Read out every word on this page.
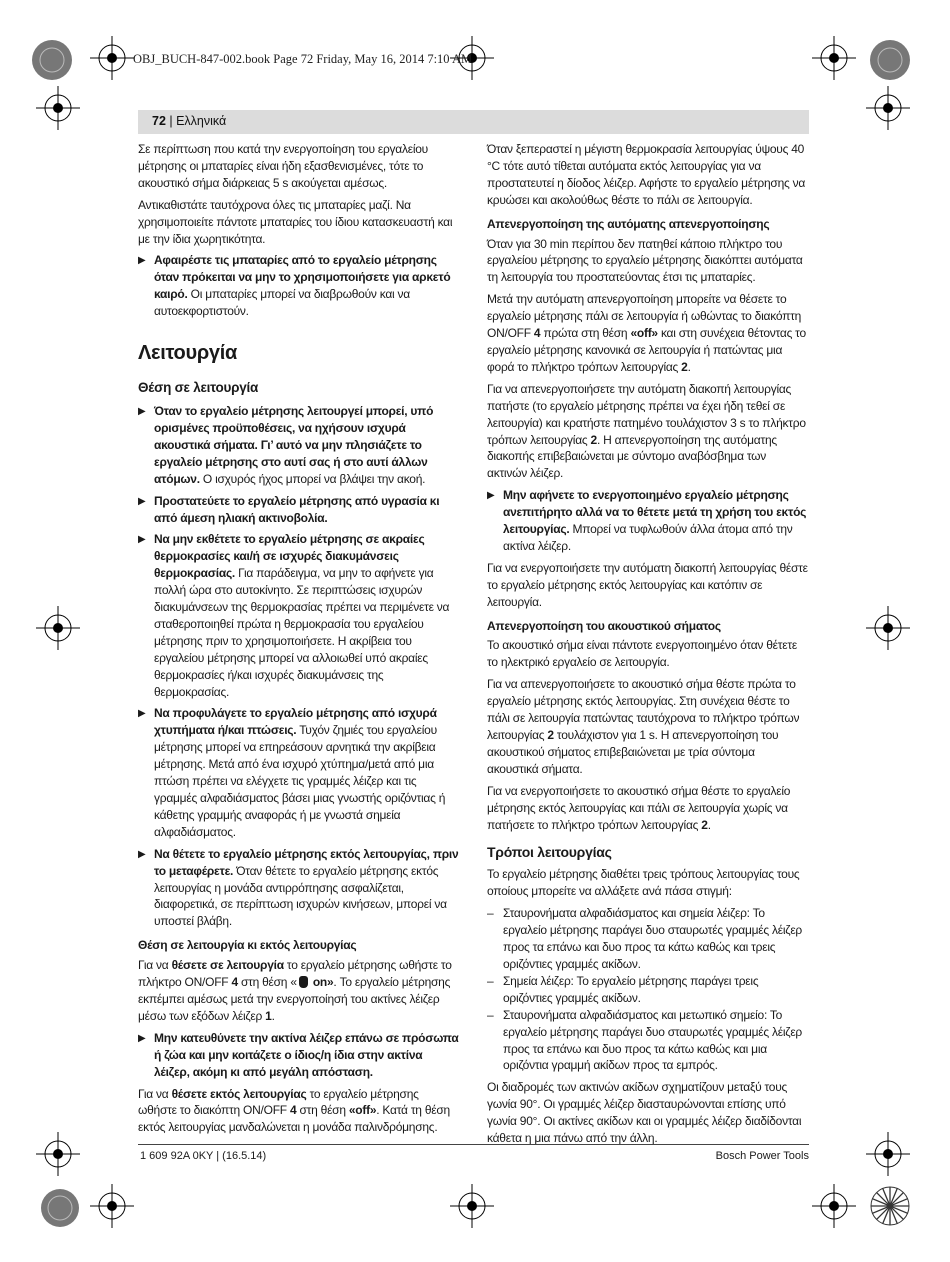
OBJ_BUCH-847-002.book Page 72 Friday, May 16, 2014 7:10 AM
72 | Ελληνικά

Σε περίπτωση που κατά την ενεργοποίηση του εργαλείου μέτρησης οι μπαταρίες είναι ήδη εξασθενισμένες, τότε το ακουστικό σήμα διάρκειας 5 s ακούγεται αμέσως.

Αντικαθιστάτε ταυτόχρονα όλες τις μπαταρίες μαζί. Να χρησιμοποιείτε πάντοτε μπαταρίες του ίδιου κατασκευαστή και με την ίδια χωρητικότητα.

▶ Αφαιρέστε τις μπαταρίες από το εργαλείο μέτρησης όταν πρόκειται να μην το χρησιμοποιήσετε για αρκετό καιρό. Οι μπαταρίες μπορεί να διαβρωθούν και να αυτοεκφορτιστούν.
Λειτουργία
Θέση σε λειτουργία
▶ Όταν το εργαλείο μέτρησης λειτουργεί μπορεί, υπό ορισμένες προϋποθέσεις, να ηχήσουν ισχυρά ακουστικά σήματα. Γι’ αυτό να μην πλησιάζετε το εργαλείο μέτρησης στο αυτί σας ή στο αυτί άλλων ατόμων. Ο ισχυρός ήχος μπορεί να βλάψει την ακοή.
▶ Προστατεύετε το εργαλείο μέτρησης από υγρασία κι από άμεση ηλιακή ακτινοβολία.
▶ Να μην εκθέτετε το εργαλείο μέτρησης σε ακραίες θερμοκρασίες και/ή σε ισχυρές διακυμάνσεις θερμοκρασίας. Για παράδειγμα, να μην το αφήνετε για πολλή ώρα στο αυτοκίνητο. Σε περιπτώσεις ισχυρών διακυμάνσεων της θερμοκρασίας πρέπει να περιμένετε να σταθεροποιηθεί πρώτα η θερμοκρασία του εργαλείου μέτρησης πριν το χρησιμοποιήσετε. Η ακρίβεια του εργαλείου μέτρησης μπορεί να αλλοιωθεί υπό ακραίες θερμοκρασίες ή/και ισχυρές διακυμάνσεις της θερμοκρασίας.
▶ Να προφυλάγετε το εργαλείο μέτρησης από ισχυρά χτυπήματα ή/και πτώσεις. Τυχόν ζημιές του εργαλείου μέτρησης μπορεί να επηρεάσουν αρνητικά την ακρίβεια μέτρησης. Μετά από ένα ισχυρό χτύπημα/μετά από μια πτώση πρέπει να ελέγχετε τις γραμμές λέιζερ και τις γραμμές αλφαδιάσματος βάσει μιας γνωστής οριζόντιας ή κάθετης γραμμής αναφοράς ή με γνωστά σημεία αλφαδιάσματος.
▶ Να θέτετε το εργαλείο μέτρησης εκτός λειτουργίας, πριν το μεταφέρετε. Όταν θέτετε το εργαλείο μέτρησης εκτός λειτουργίας η μονάδα αντιρρόπησης ασφαλίζεται, διαφορετικά, σε περίπτωση ισχυρών κινήσεων, μπορεί να υποστεί βλάβη.
Θέση σε λειτουργία κι εκτός λειτουργίας

Για να θέσετε σε λειτουργία το εργαλείο μέτρησης ωθήστε το πλήκτρο ON/OFF 4 στη θέση « on». Το εργαλείο μέτρησης εκπέμπει αμέσως μετά την ενεργοποίησή του ακτίνες λέιζερ μέσω των εξόδων λέιζερ 1.

▶ Μην κατευθύνετε την ακτίνα λέιζερ επάνω σε πρόσωπα ή ζώα και μην κοιτάζετε ο ίδιος/η ίδια στην ακτίνα λέιζερ, ακόμη κι από μεγάλη απόσταση.

Για να θέσετε εκτός λειτουργίας το εργαλείο μέτρησης ωθήστε το διακόπτη ON/OFF 4 στη θέση «off». Κατά τη θέση εκτός λειτουργίας μανδαλώνεται η μονάδα παλινδρόμησης.

Όταν ξεπεραστεί η μέγιστη θερμοκρασία λειτουργίας ύψους 40 °C τότε αυτό τίθεται αυτόματα εκτός λειτουργίας για να προστατευτεί η δίοδος λέιζερ. Αφήστε το εργαλείο μέτρησης να κρυώσει και ακολούθως θέστε το πάλι σε λειτουργία.

Απενεργοποίηση της αυτόματης απενεργοποίησης

Όταν για 30 min περίπου δεν πατηθεί κάποιο πλήκτρο του εργαλείου μέτρησης το εργαλείο μέτρησης διακόπτει αυτόματα τη λειτουργία του προστατεύοντας έτσι τις μπαταρίες.

Μετά την αυτόματη απενεργοποίηση μπορείτε να θέσετε το εργαλείο μέτρησης πάλι σε λειτουργία ή ωθώντας το διακόπτη ON/OFF 4 πρώτα στη θέση «off» και στη συνέχεια θέτοντας το εργαλείο μέτρησης κανονικά σε λειτουργία ή πατώντας μια φορά το πλήκτρο τρόπων λειτουργίας 2.

Για να απενεργοποιήσετε την αυτόματη διακοπή λειτουργίας πατήστε (το εργαλείο μέτρησης πρέπει να έχει ήδη τεθεί σε λειτουργία) και κρατήστε πατημένο τουλάχιστον 3 s το πλήκτρο τρόπων λειτουργίας 2. Η απενεργοποίηση της αυτόματης διακοπής επιβεβαιώνεται με σύντομο αναβόσβημα των ακτινών λέιζερ.

▶ Μην αφήνετε το ενεργοποιημένο εργαλείο μέτρησης ανεπιτήρητο αλλά να το θέτετε μετά τη χρήση του εκτός λειτουργίας. Μπορεί να τυφλωθούν άλλα άτομα από την ακτίνα λέιζερ.

Για να ενεργοποιήσετε την αυτόματη διακοπή λειτουργίας θέστε το εργαλείο μέτρησης εκτός λειτουργίας και κατόπιν σε λειτουργία.

Απενεργοποίηση του ακουστικού σήματος

Το ακουστικό σήμα είναι πάντοτε ενεργοποιημένο όταν θέτετε το ηλεκτρικό εργαλείο σε λειτουργία.

Για να απενεργοποιήσετε το ακουστικό σήμα θέστε πρώτα το εργαλείο μέτρησης εκτός λειτουργίας. Στη συνέχεια θέστε το πάλι σε λειτουργία πατώντας ταυτόχρονα το πλήκτρο τρόπων λειτουργίας 2 τουλάχιστον για 1 s. Η απενεργοποίηση του ακουστικού σήματος επιβεβαιώνεται με τρία σύντομα ακουστικά σήματα.

Για να ενεργοποιήσετε το ακουστικό σήμα θέστε το εργαλείο μέτρησης εκτός λειτουργίας και πάλι σε λειτουργία χωρίς να πατήσετε το πλήκτρο τρόπων λειτουργίας 2.

Τρόποι λειτουργίας

Το εργαλείο μέτρησης διαθέτει τρεις τρόπους λειτουργίας τους οποίους μπορείτε να αλλάξετε ανά πάσα στιγμή:

– Σταυρονήματα αλφαδιάσματος και σημεία λέιζερ: Το εργαλείο μέτρησης παράγει δυο σταυρωτές γραμμές λέιζερ προς τα επάνω και δυο προς τα κάτω καθώς και τρεις οριζόντιες γραμμές ακίδων.
– Σημεία λέιζερ: Το εργαλείο μέτρησης παράγει τρεις οριζόντιες γραμμές ακίδων.
– Σταυρονήματα αλφαδιάσματος και μετωπικό σημείο: Το εργαλείο μέτρησης παράγει δυο σταυρωτές γραμμές λέιζερ προς τα επάνω και δυο προς τα κάτω καθώς και μια οριζόντια γραμμή ακίδων προς τα εμπρός.

Οι διαδρομές των ακτινών ακίδων σχηματίζουν μεταξύ τους γωνία 90°. Οι γραμμές λέιζερ διασταυρώνονται επίσης υπό γωνία 90°. Οι ακτίνες ακίδων και οι γραμμές λέιζερ διαδίδονται κάθετα η μια πάνω από την άλλη.

1 609 92A 0KY | (16.5.14)	Bosch Power Tools
